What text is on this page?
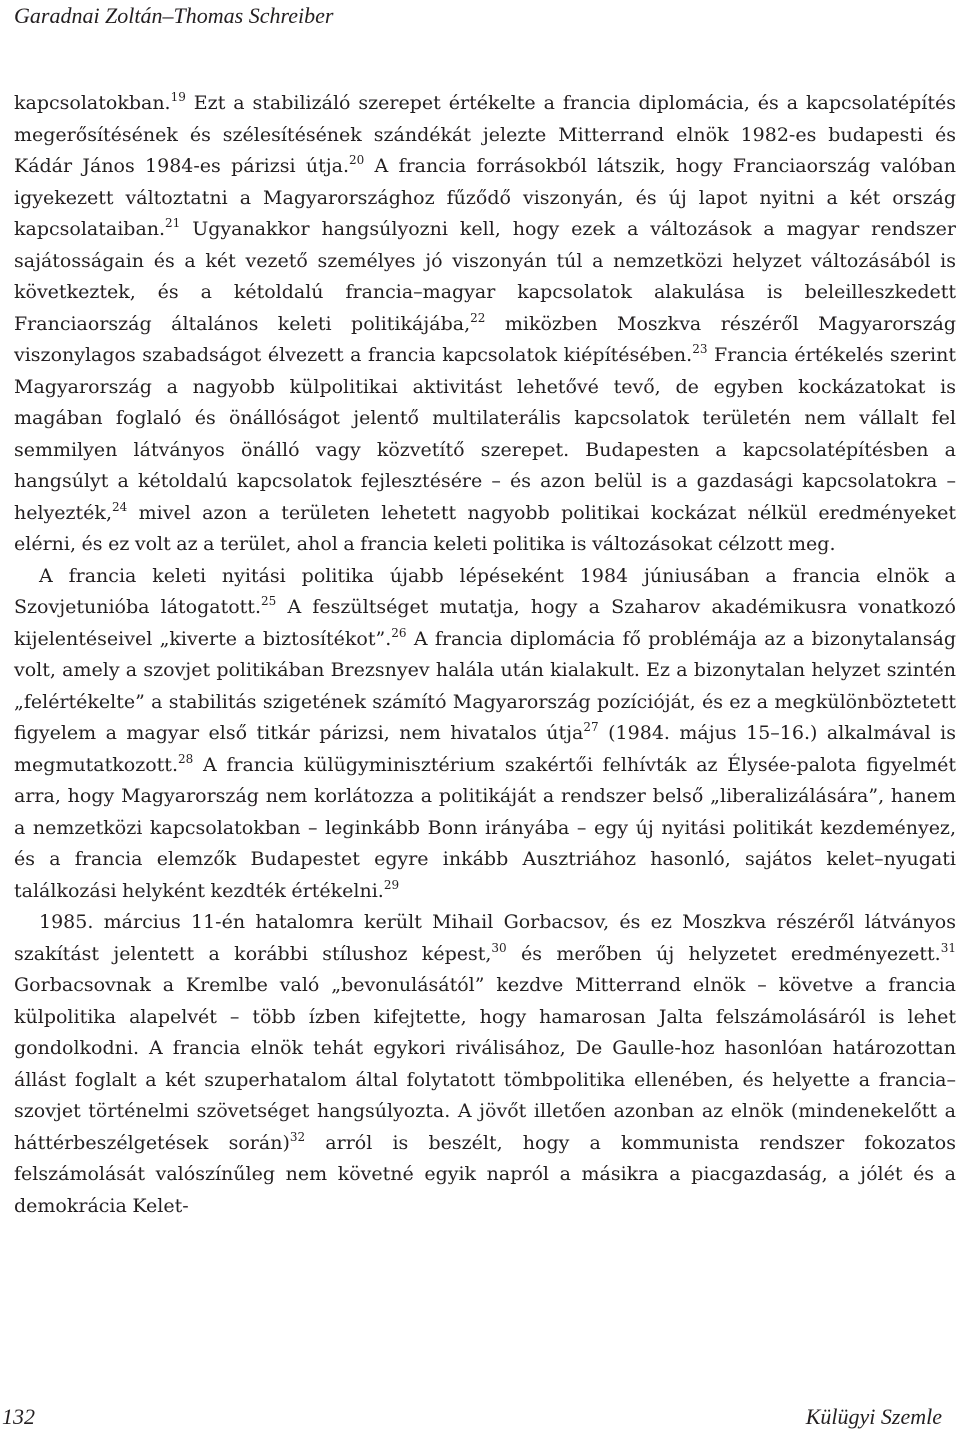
Garadnai Zoltán–Thomas Schreiber

kapcsolatokban.$^{19}$ Ezt a stabilizáló szerepet értékelte a francia diplomácia, és a kapcsolatépítés megerősítésének és szélesítésének szándékát jelezte Mitterrand elnök 1982-es budapesti és Kádár János 1984-es párizsi útja.$^{20}$ A francia forrásokból látszik, hogy Franciaország valóban igyekezett változtatni a Magyarországhoz fűződő viszonyán, és új lapot nyitni a két ország kapcsolataiban.$^{21}$ Ugyanakkor hangsúlyozni kell, hogy ezek a változások a magyar rendszer sajátosságain és a két vezető személyes jó viszonyán túl a nemzetközi helyzet változásából is következtek, és a kétoldalú francia–magyar kapcsolatok alakulása is beleilleszkedett Franciaország általános keleti politikájába,$^{22}$ miközben Moszkva részéről Magyarország viszonylagos szabadságot élvezett a francia kapcsolatok kiépítésében.$^{23}$ Francia értékelés szerint Magyarország a nagyobb külpolitikai aktivitást lehetővé tevő, de egyben kockázatokat is magában foglaló és önállóságot jelentő multilaterális kapcsolatok területén nem vállalt fel semmilyen látványos önálló vagy közvetítő szerepet. Budapesten a kapcsolatépítésben a hangsúlyt a kétoldalú kapcsolatok fejlesztésére – és azon belül is a gazdasági kapcsolatokra – helyezték,$^{24}$ mivel azon a területen lehetett nagyobb politikai kockázat nélkül eredményeket elérni, és ez volt az a terület, ahol a francia keleti politika is változásokat célzott meg.

A francia keleti nyitási politika újabb lépéseként 1984 júniusában a francia elnök a Szovjetunióba látogatott.$^{25}$ A feszültséget mutatja, hogy a Szaharov akadémikusra vonatkozó kijelentéseivel „kiverte a biztosítékot”.$^{26}$ A francia diplomácia fő problémája az a bizonytalanság volt, amely a szovjet politikában Brezsnyev halála után kialakult. Ez a bizonytalan helyzet szintén „felértékelte” a stabilitás szigetének számító Magyarország pozícióját, és ez a megkülönböztetett figyelem a magyar első titkár párizsi, nem hivatalos útja$^{27}$ (1984. május 15–16.) alkalmával is megmutatkozott.$^{28}$ A francia külügyminisztérium szakértői felhívták az Élysée-palota figyelmét arra, hogy Magyarország nem korlátozza a politikáját a rendszer belső „liberalizálására”, hanem a nemzetközi kapcsolatokban – leginkább Bonn irányába – egy új nyitási politikát kezdeményez, és a francia elemzők Budapestet egyre inkább Ausztriához hasonló, sajátos kelet–nyugati találkozási helyként kezdték értékelni.$^{29}$

1985. március 11-én hatalomra került Mihail Gorbacsov, és ez Moszkva részéről látványos szakítást jelentett a korábbi stílushoz képest,$^{30}$ és merőben új helyzetet eredményezett.$^{31}$ Gorbacsovnak a Kremlbe való „bevonulásától” kezdve Mitterrand elnök – követve a francia külpolitika alapelvét – több ízben kifejtette, hogy hamarosan Jalta felszámolásáról is lehet gondolkodni. A francia elnök tehát egykori riválisához, De Gaulle-hoz hasonlóan határozottan állást foglalt a két szuperhatalom által folytatott tömbpolitika ellenében, és helyette a francia–szovjet történelmi szövetséget hangsúlyozta. A jövőt illetően azonban az elnök (mindenekelőtt a háttérbeszélgetések során)$^{32}$ arról is beszélt, hogy a kommunista rendszer fokozatos felszámolását valószínűleg nem követné egyik napról a másikra a piacgazdaság, a jólét és a demokrácia Kelet-

132	Külügyi Szemle
